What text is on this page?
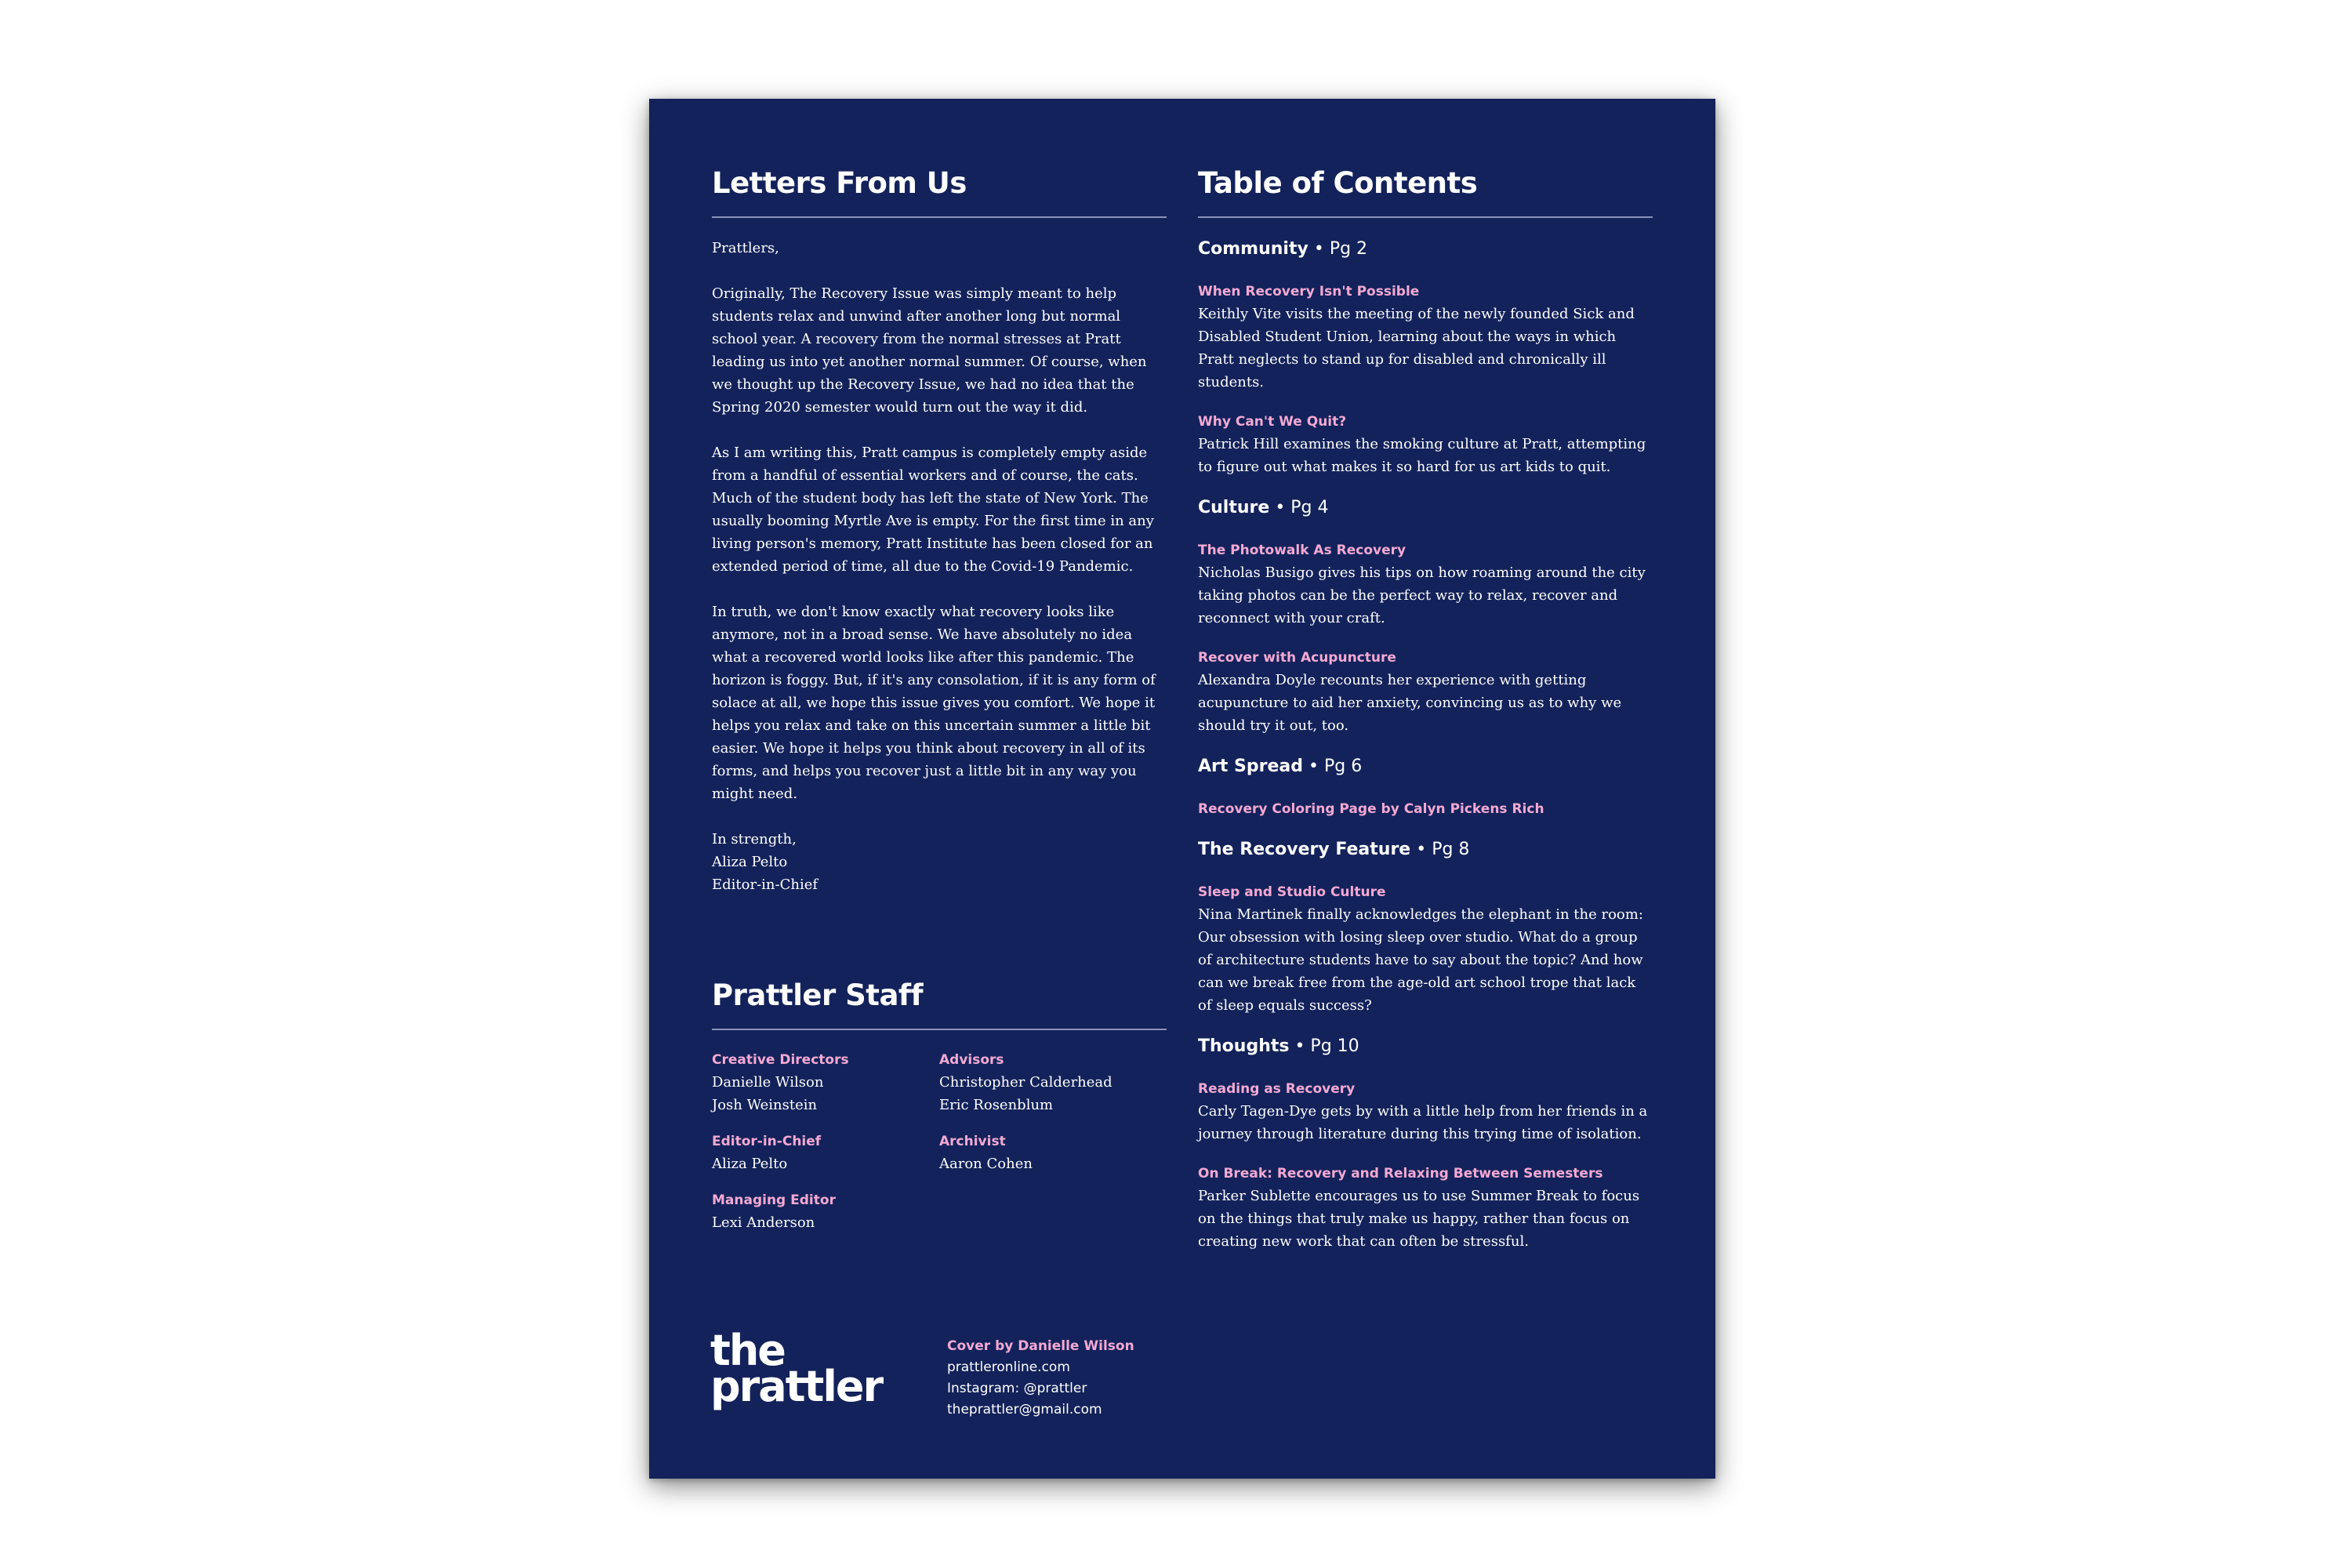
Letters From Us

Prattlers,

Originally, The Recovery Issue was simply meant to help students relax and unwind after another long but normal school year. A recovery from the normal stresses at Pratt leading us into yet another normal summer. Of course, when we thought up the Recovery Issue, we had no idea that the Spring 2020 semester would turn out the way it did.

As I am writing this, Pratt campus is completely empty aside from a handful of essential workers and of course, the cats. Much of the student body has left the state of New York. The usually booming Myrtle Ave is empty. For the first time in any living person's memory, Pratt Institute has been closed for an extended period of time, all due to the Covid-19 Pandemic.

In truth, we don't know exactly what recovery looks like anymore, not in a broad sense. We have absolutely no idea what a recovered world looks like after this pandemic. The horizon is foggy. But, if it's any consolation, if it is any form of solace at all, we hope this issue gives you comfort. We hope it helps you relax and take on this uncertain summer a little bit easier. We hope it helps you think about recovery in all of its forms, and helps you recover just a little bit in any way you might need.

In strength,

Aliza Pelto

Editor-in-Chief

Prattler Staff
Creative Directors
Danielle Wilson
Josh Weinstein
Editor-in-Chief
Aliza Pelto
Managing Editor
Lexi Anderson
Advisors
Christopher Calderhead
Eric Rosenblum
Archivist
Aaron Cohen
the
prattler
Cover by Danielle Wilson
prattleronline.com
Instagram: @prattler
theprattler@gmail.com
Table of Contents
Community • Pg 2
When Recovery Isn't Possible

Keithly Vite visits the meeting of the newly founded Sick and Disabled Student Union, learning about the ways in which Pratt neglects to stand up for disabled and chronically ill students.

Why Can't We Quit?

Patrick Hill examines the smoking culture at Pratt, attempting to figure out what makes it so hard for us art kids to quit.

Culture • Pg 4
The Photowalk As Recovery

Nicholas Busigo gives his tips on how roaming around the city taking photos can be the perfect way to relax, recover and reconnect with your craft.

Recover with Acupuncture

Alexandra Doyle recounts her experience with getting acupuncture to aid her anxiety, convincing us as to why we should try it out, too.

Art Spread • Pg 6
Recovery Coloring Page by Calyn Pickens Rich
The Recovery Feature • Pg 8
Sleep and Studio Culture

Nina Martinek finally acknowledges the elephant in the room: Our obsession with losing sleep over studio. What do a group of architecture students have to say about the topic? And how can we break free from the age-old art school trope that lack of sleep equals success?

Thoughts • Pg 10
Reading as Recovery

Carly Tagen-Dye gets by with a little help from her friends in a journey through literature during this trying time of isolation.

On Break: Recovery and Relaxing Between Semesters

Parker Sublette encourages us to use Summer Break to focus on the things that truly make us happy, rather than focus on creating new work that can often be stressful.
